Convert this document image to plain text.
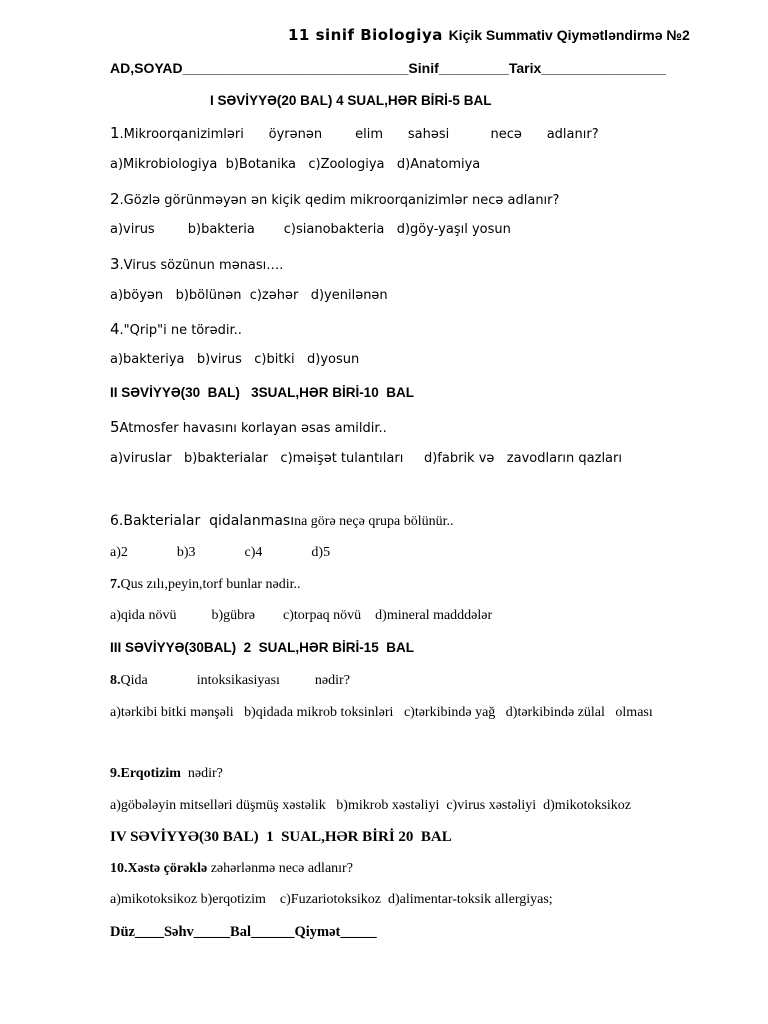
11 sinif Biologiya Kiçik Summativ Qiymətləndirmə №2
AD,SOYAD_____________________________Sinif_________Tarix________________
I SƏVİYYƏ(20 BAL) 4 SUAL,HƏR BİRİ-5 BAL
1.Mikroorqanizimləri      öyrənən        elim      sahəsi          necə      adlanır?
a)Mikrobiologiya  b)Botanika   c)Zoologiya   d)Anatomiya
2.Gözlə görünməyən ən kiçik qedim mikroorqanizimlər necə adlanır?
a)virus        b)bakteria       c)sianobakteria   d)göy-yaşıl yosun
3.Virus sözünun mənası….
a)böyən   b)bölünən  c)zəhər   d)yenilənən
4."Qrip"i ne törədir..
a)bakteriya   b)virus   c)bitki   d)yosun
II SƏVİYYƏ(30  BAL)   3SUAL,HƏR BİRİ-10  BAL
5Atmosfer havasını korlayan əsas amildir..
a)viruslar   b)bakterialar   c)məişət tulantıları     d)fabrik və   zavodların qazları
6.Bakterialar  qidalanmasına görə neçə qrupa bölünür..
a)2              b)3              c)4              d)5
7.Qus zılı,peyin,torf bunlar nədir..
a)qida növü          b)gübrə        c)torpaq növü    d)mineral madddələr
III SƏVİYYƏ(30BAL)  2  SUAL,HƏR BİRİ-15  BAL
8.Qida              intoksikasiyası          nədir?
a)tərkibi bitki mənşəli   b)qidada mikrob toksinləri   c)tərkibində yağ   d)tərkibində zülal   olması
9.Erqotizim  nədir?
a)göbələyin mitselləri düşmüş xəstəlik   b)mikrob xəstəliyi  c)virus xəstəliyi  d)mikotoksikoz
IV SƏVİYYƏ(30 BAL)  1  SUAL,HƏR BİRİ 20  BAL
10.Xəstə çörəklə zəhərlənmə necə adlanır?
a)mikotoksikoz b)erqotizim    c)Fuzariotoksikoz  d)alimentar-toksik allergiyas;
Düz____Səhv_____Bal______Qiymət_____
